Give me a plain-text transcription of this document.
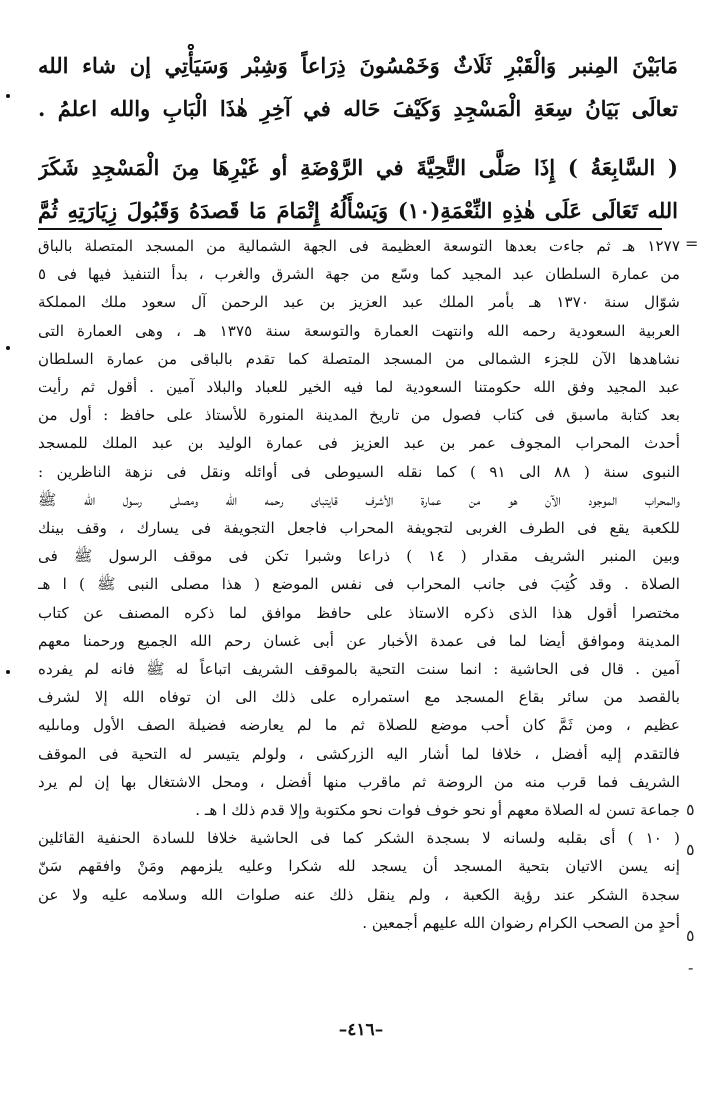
مَابَيْنَ المِنبر وَالْقَبْرِ ثَلَاثٌ وَخَمْسُونَ ذِرَاعاً وَشِبْر وَسَيَأْتِي إن شاء الله
تعالَى بَيَانُ سِعَةِ الْمَسْجِدِ وَكَيْفَ حَاله في آخِرِ هٰذَا الْبَابِ والله اعلمُ .
( السَّابِعَةُ ) إِذَا صَلَّى التَّحِيَّةَ في الرَّوْضَةِ أو غَيْرِهَا مِنَ الْمَسْجِدِ شَكَرَ
الله تَعَالَى عَلَى هٰذِهِ النِّعْمَةِ(١٠) وَيَسْأَلُهُ إِتْمَامَ مَا قَصدَهُ وَقَبُولَ زِيَارَتِهِ ثُمَّ
١٢٧٧ هـ ثم جاءت بعدها التوسعة العظيمة فى الجهة الشمالية من المسجد المتصلة بالباق
من عمارة السلطان عبد المجيد كما وسّع من جهة الشرق والغرب ، بدأ التنفيذ فيها فى ٥
شوّال سنة ١٣٧٠ هـ بأمر الملك عبد العزيز بن عبد الرحمن آل سعود ملك المملكة
العربية السعودية رحمه الله وانتهت العمارة والتوسعة سنة ١٣٧٥ هـ ، وهى العمارة التى
نشاهدها الآن للجزء الشمالى من المسجد المتصلة كما تقدم بالباقى من عمارة السلطان
عبد المجيد وفق الله حكومتنا السعودية لما فيه الخير للعباد والبلاد آمين . أقول ثم رأيت
بعد كتابة ماسبق فى كتاب فصول من تاريخ المدينة المنورة للأستاذ على حافظ : أول من
أحدث المحراب المجوف عمر بن عبد العزيز فى عمارة الوليد بن عبد الملك للمسجد
النبوى سنة ( ٨٨ الى ٩١ ) كما نقله السيوطى فى أوائله ونقل فى نزهة الناظرين :
والمحراب الموجود الآن هو من عمارة الأشرف قايتباى رحمه الله ومصلى رسول الله ﷺ
للكعبة يقع فى الطرف الغربى لتجويفة المحراب فاجعل التجويفة فى يسارك ، وقف بينك
وبين المنبر الشريف مقدار ( ١٤ ) ذراعا وشبرا تكن فى موقف الرسول ﷺ فى
الصلاة . وقد كُتِبَ فى جانب المحراب فى نفس الموضع ( هذا مصلى النبى ﷺ ) ا هـ
مختصرا أقول هذا الذى ذكره الاستاذ على حافظ موافق لما ذكره المصنف عن كتاب
المدينة وموافق أيضا لما فى عمدة الأخبار عن أبى غسان رحم الله الجميع ورحمنا معهم
آمين . قال فى الحاشية : انما سنت التحية بالموقف الشريف اتباعاً له ﷺ فانه لم يفرده
بالقصد من سائر بقاع المسجد مع استمراره على ذلك الى ان توفاه الله إلا لشرف
عظيم ، ومن ثَمَّ كان أحب موضع للصلاة ثم ما لم يعارضه فضيلة الصف الأول وماىليه
فالتقدم إليه أفضل ، خلافا لما أشار اليه الزركشى ، ولولم يتيسر له التحية فى الموقف
الشريف فما قرب منه من الروضة ثم ماقرب منها أفضل ، ومحل الاشتغال بها إن لم يرد
جماعة تسن له الصلاة معهم أو نحو خوف فوات نحو مكتوبة وإلا قدم ذلك ا هـ .
( ١٠ ) أى بقلبه ولسانه لا بسجدة الشكر كما فى الحاشية خلافا للسادة الحنفية القائلين
إنه يسن الاتيان بتحية المسجد أن يسجد لله شكرا وعليه يلزمهم ومَنْ وافقهم سَنّ
سجدة الشكر عند رؤية الكعبة ، ولم ينقل ذلك عنه صلوات الله وسلامه عليه ولا عن
أحدٍ من الصحب الكرام رضوان الله عليهم أجمعين .
–٤١٦–
=
٥
٥
٥
-
